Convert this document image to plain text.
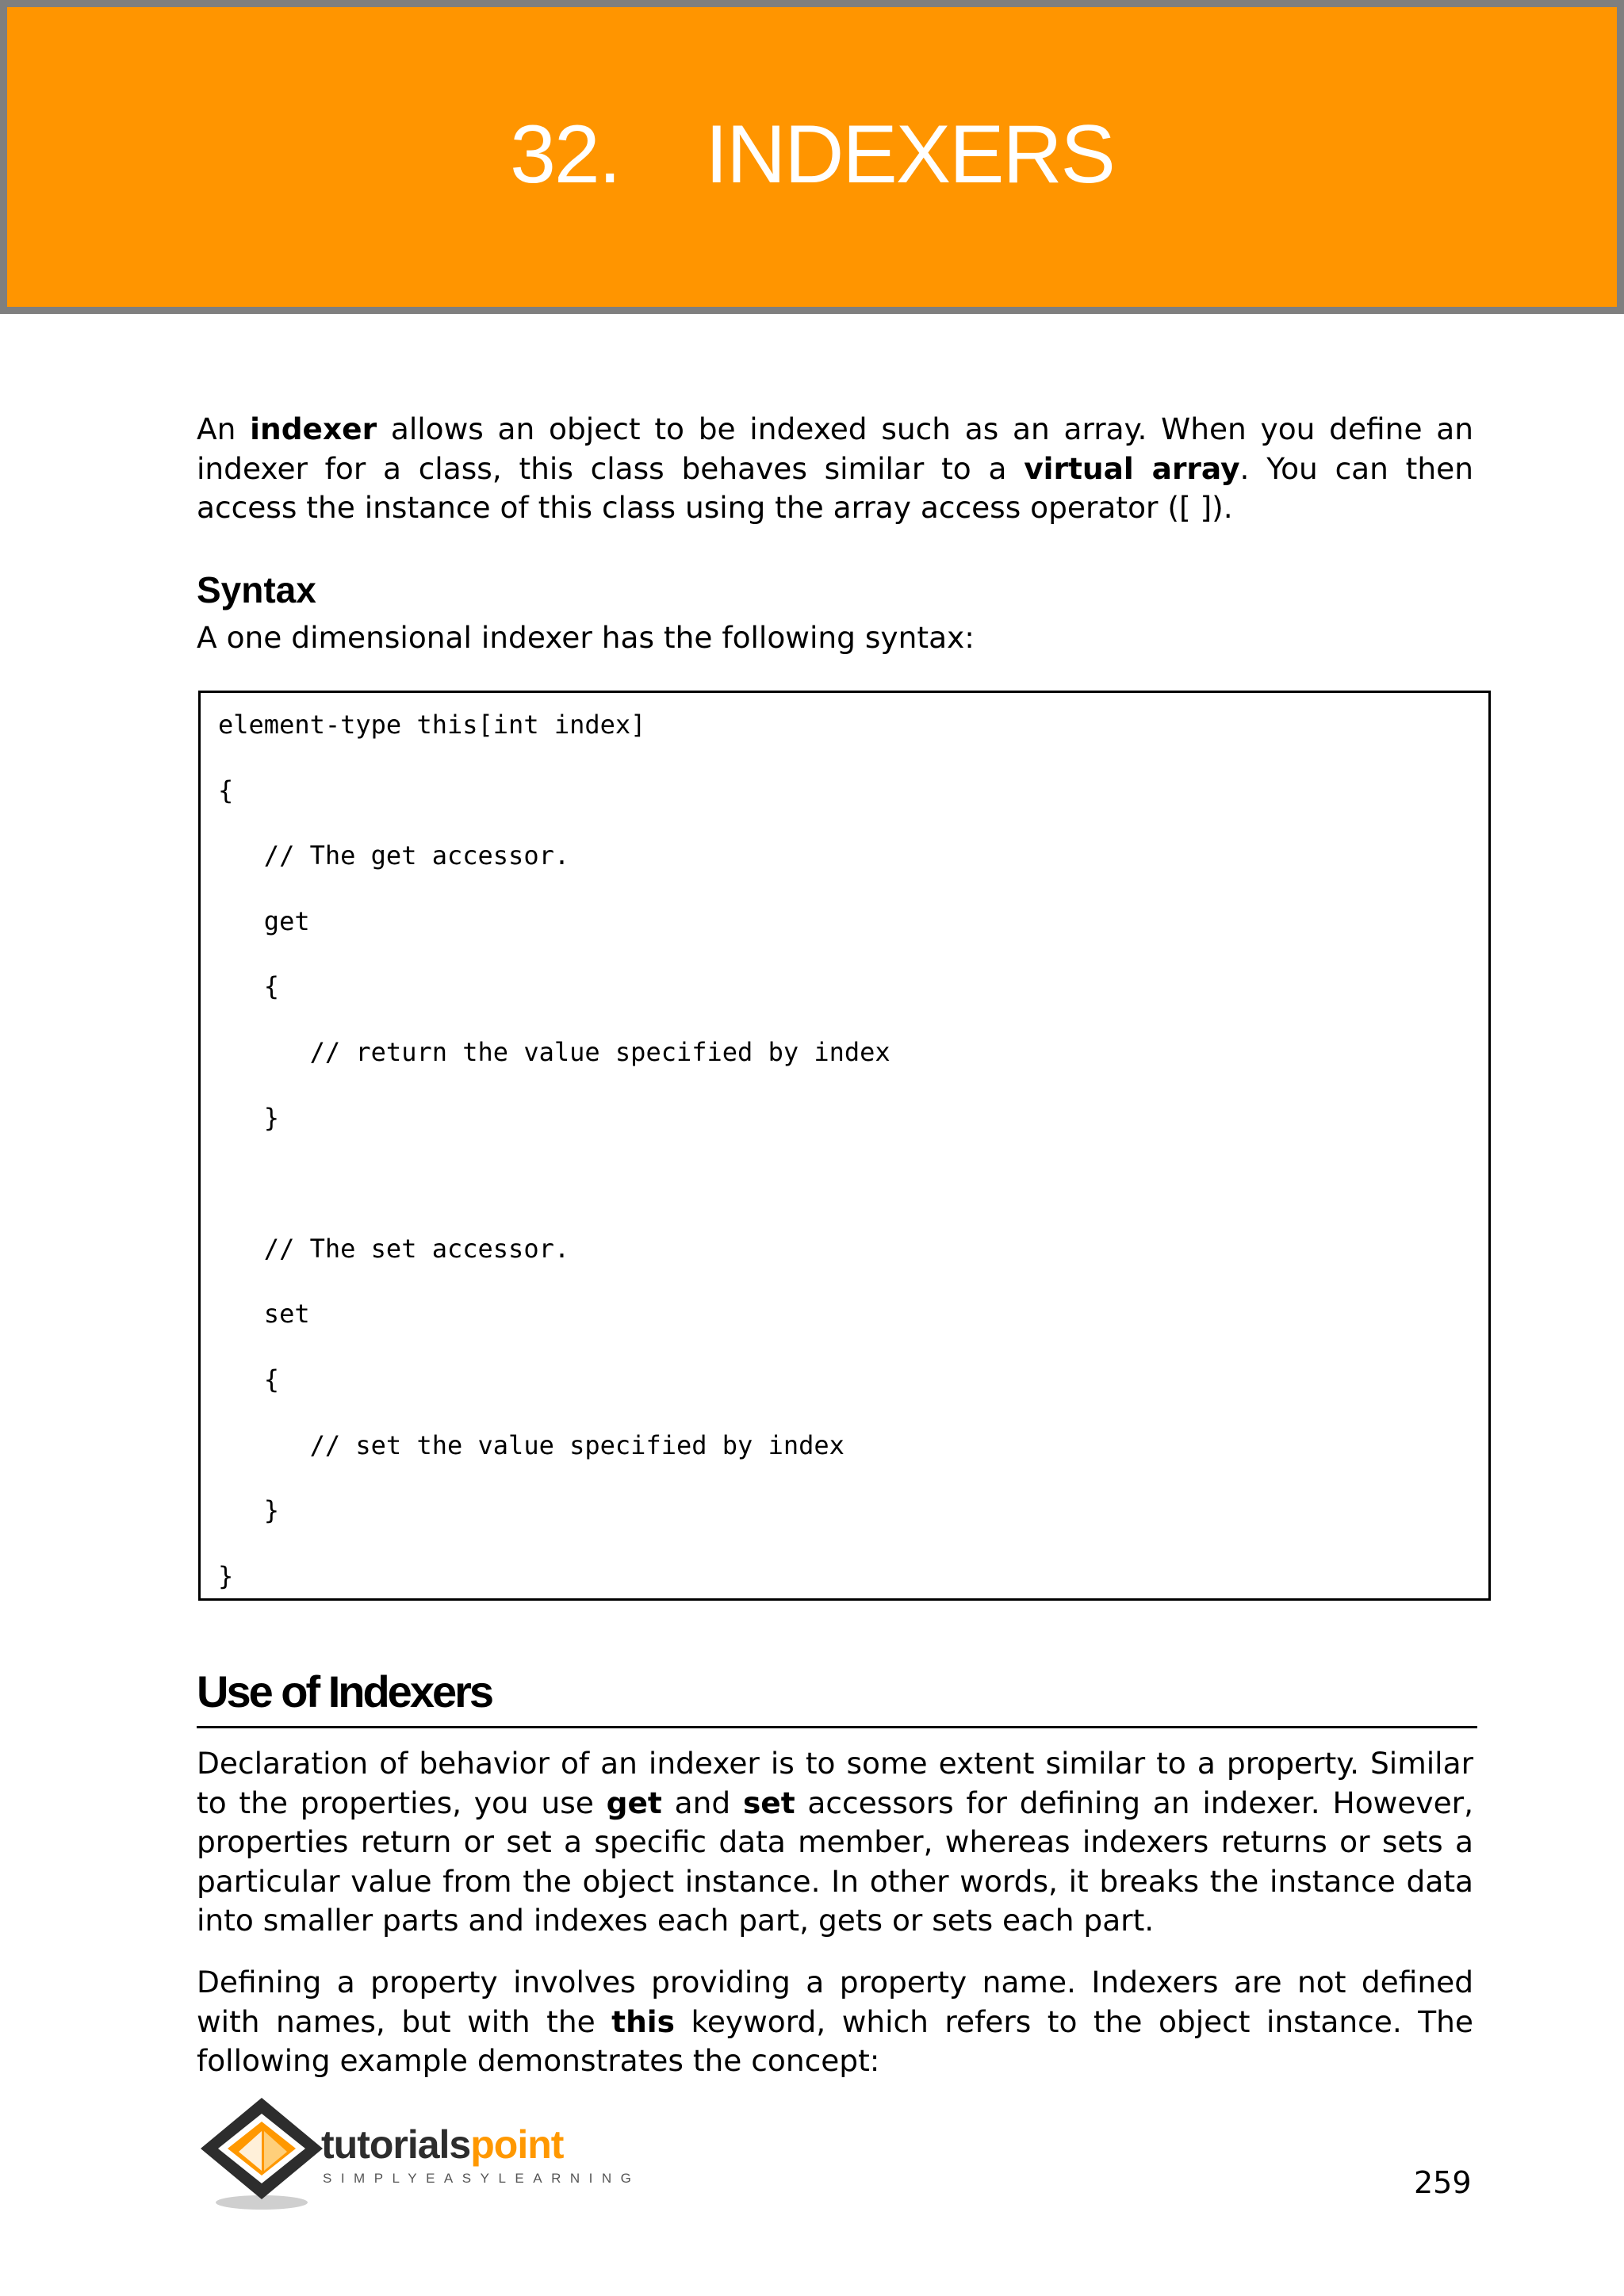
32. INDEXERS

An indexer allows an object to be indexed such as an array. When you define an indexer for a class, this class behaves similar to a virtual array. You can then access the instance of this class using the array access operator ([ ]).

Syntax

A one dimensional indexer has the following syntax:

element-type this[int index]
{
// The get accessor.
get
{
// return the value specified by index
}
// The set accessor.
set
{
// set the value specified by index
}
}
Use of Indexers

Declaration of behavior of an indexer is to some extent similar to a property. Similar to the properties, you use get and set accessors for defining an indexer. However, properties return or set a specific data member, whereas indexers returns or sets a particular value from the object instance. In other words, it breaks the instance data into smaller parts and indexes each part, gets or sets each part.

Defining a property involves providing a property name. Indexers are not defined with names, but with the this keyword, which refers to the object instance. The following example demonstrates the concept:

tutorialspoint
SIMPLYEASYLEARNING	259
